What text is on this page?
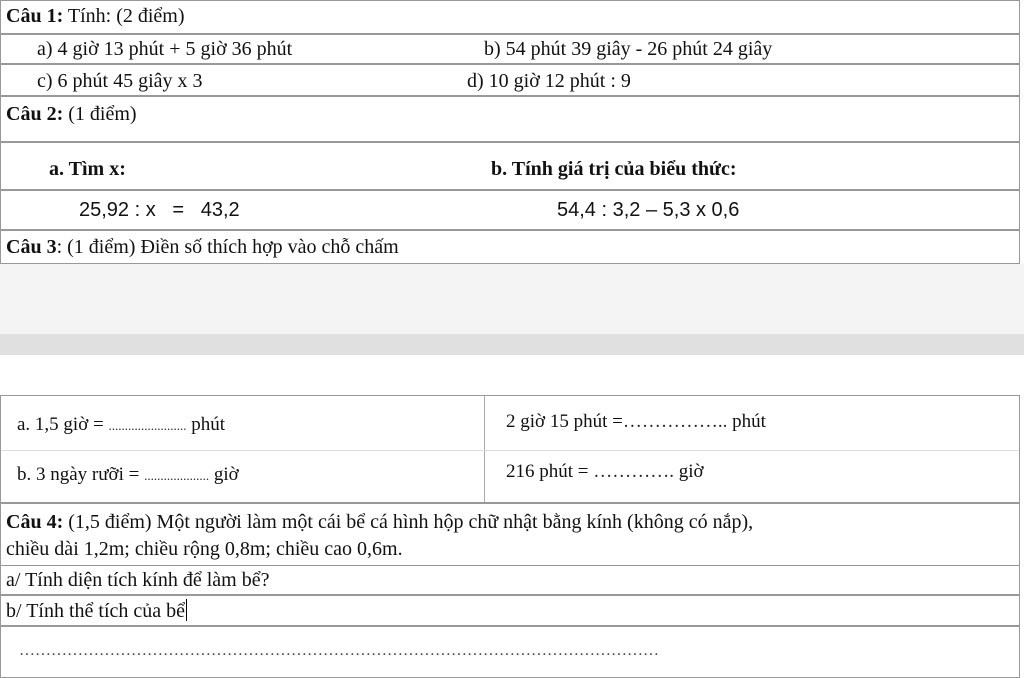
Câu 1: Tính: (2 điểm)
a) 4 giờ 13 phút + 5 giờ 36 phút	b) 54 phút 39 giây - 26 phút 24 giây
c) 6 phút 45 giây x 3	d) 10 giờ 12 phút : 9
Câu 2: (1 điểm)
a. Tìm x:	b. Tính giá trị của biểu thức:
25,92 : x   =   43,2	54,4 : 3,2 – 5,3 x 0,6
Câu 3: (1 điểm) Điền số thích hợp vào chỗ chấm
a. 1,5 giờ = ........................ phút	2 giờ 15 phút =…………….. phút
b. 3 ngày rưỡi = .................... giờ	216 phút = …………. giờ
Câu 4: (1,5 điểm) Một người làm một cái bể cá hình hộp chữ nhật bằng kính (không có nắp),
chiều dài 1,2m; chiều rộng 0,8m; chiều cao 0,6m.
a/ Tính diện tích kính để làm bể?
b/ Tính thể tích của bể
…………………………………………………………………………………………………………
